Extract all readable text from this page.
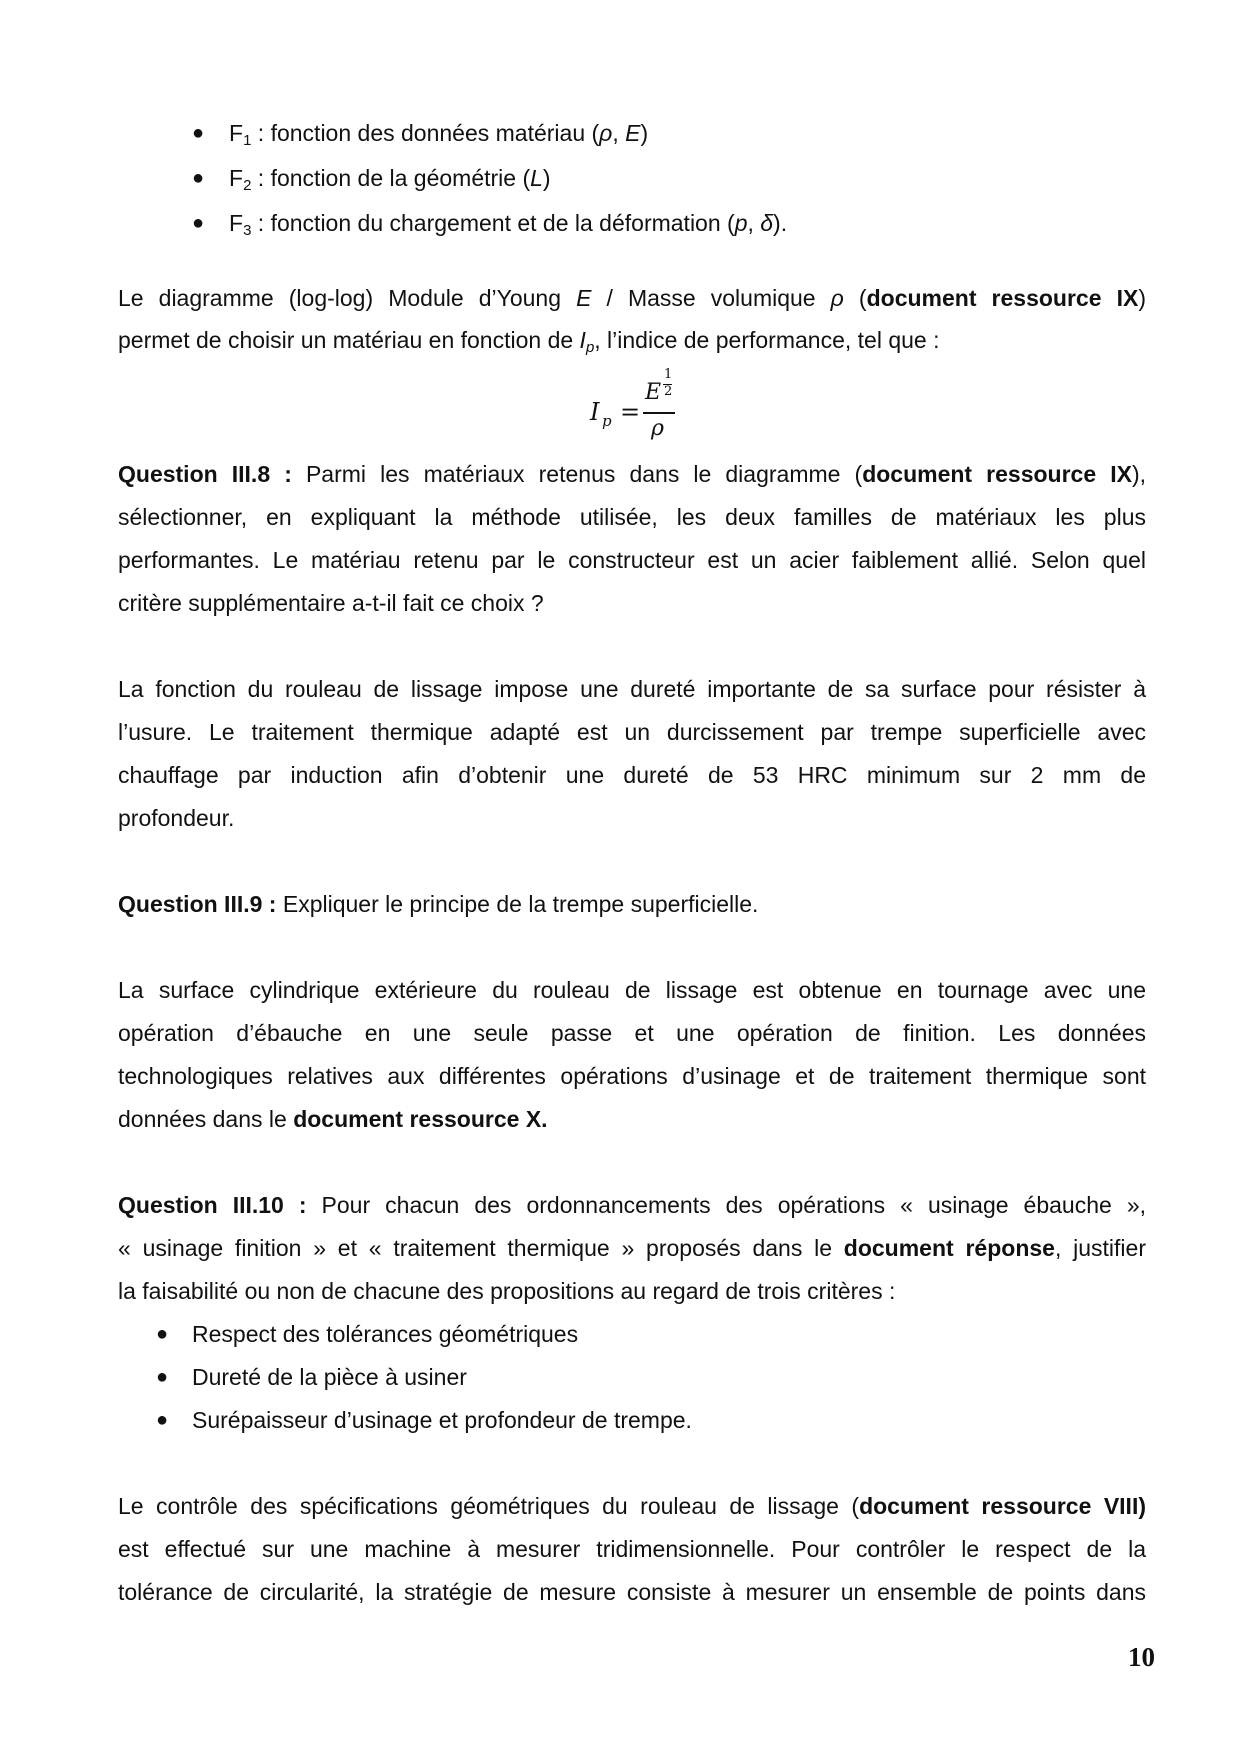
● $F_1$ : fonction des données matériau (ρ, E)
● $F_2$ : fonction de la géométrie (L)
● $F_3$ : fonction du chargement et de la déformation (p, δ).
Le diagramme (log-log) Module d’Young E / Masse volumique ρ (document ressource IX)
permet de choisir un matériau en fonction de $I_p$, l’indice de performance, tel que :
I p =
E
1
2
ρ
Question III.8 : Parmi les matériaux retenus dans le diagramme (document ressource IX),
sélectionner, en expliquant la méthode utilisée, les deux familles de matériaux les plus
performantes. Le matériau retenu par le constructeur est un acier faiblement allié. Selon quel
critère supplémentaire a-t-il fait ce choix ?
La fonction du rouleau de lissage impose une dureté importante de sa surface pour résister à
l’usure. Le traitement thermique adapté est un durcissement par trempe superficielle avec
chauffage par induction afin d’obtenir une dureté de 53 HRC minimum sur 2 mm de
profondeur.
Question III.9 : Expliquer le principe de la trempe superficielle.
La surface cylindrique extérieure du rouleau de lissage est obtenue en tournage avec une
opération d’ébauche en une seule passe et une opération de finition. Les données
technologiques relatives aux différentes opérations d’usinage et de traitement thermique sont
données dans le document ressource X.
Question III.10 : Pour chacun des ordonnancements des opérations « usinage ébauche »,
« usinage finition » et « traitement thermique » proposés dans le document réponse, justifier
la faisabilité ou non de chacune des propositions au regard de trois critères :
● Respect des tolérances géométriques
● Dureté de la pièce à usiner
● Surépaisseur d’usinage et profondeur de trempe.
Le contrôle des spécifications géométriques du rouleau de lissage (document ressource VIII)
est effectué sur une machine à mesurer tridimensionnelle. Pour contrôler le respect de la
tolérance de circularité, la stratégie de mesure consiste à mesurer un ensemble de points dans
10
